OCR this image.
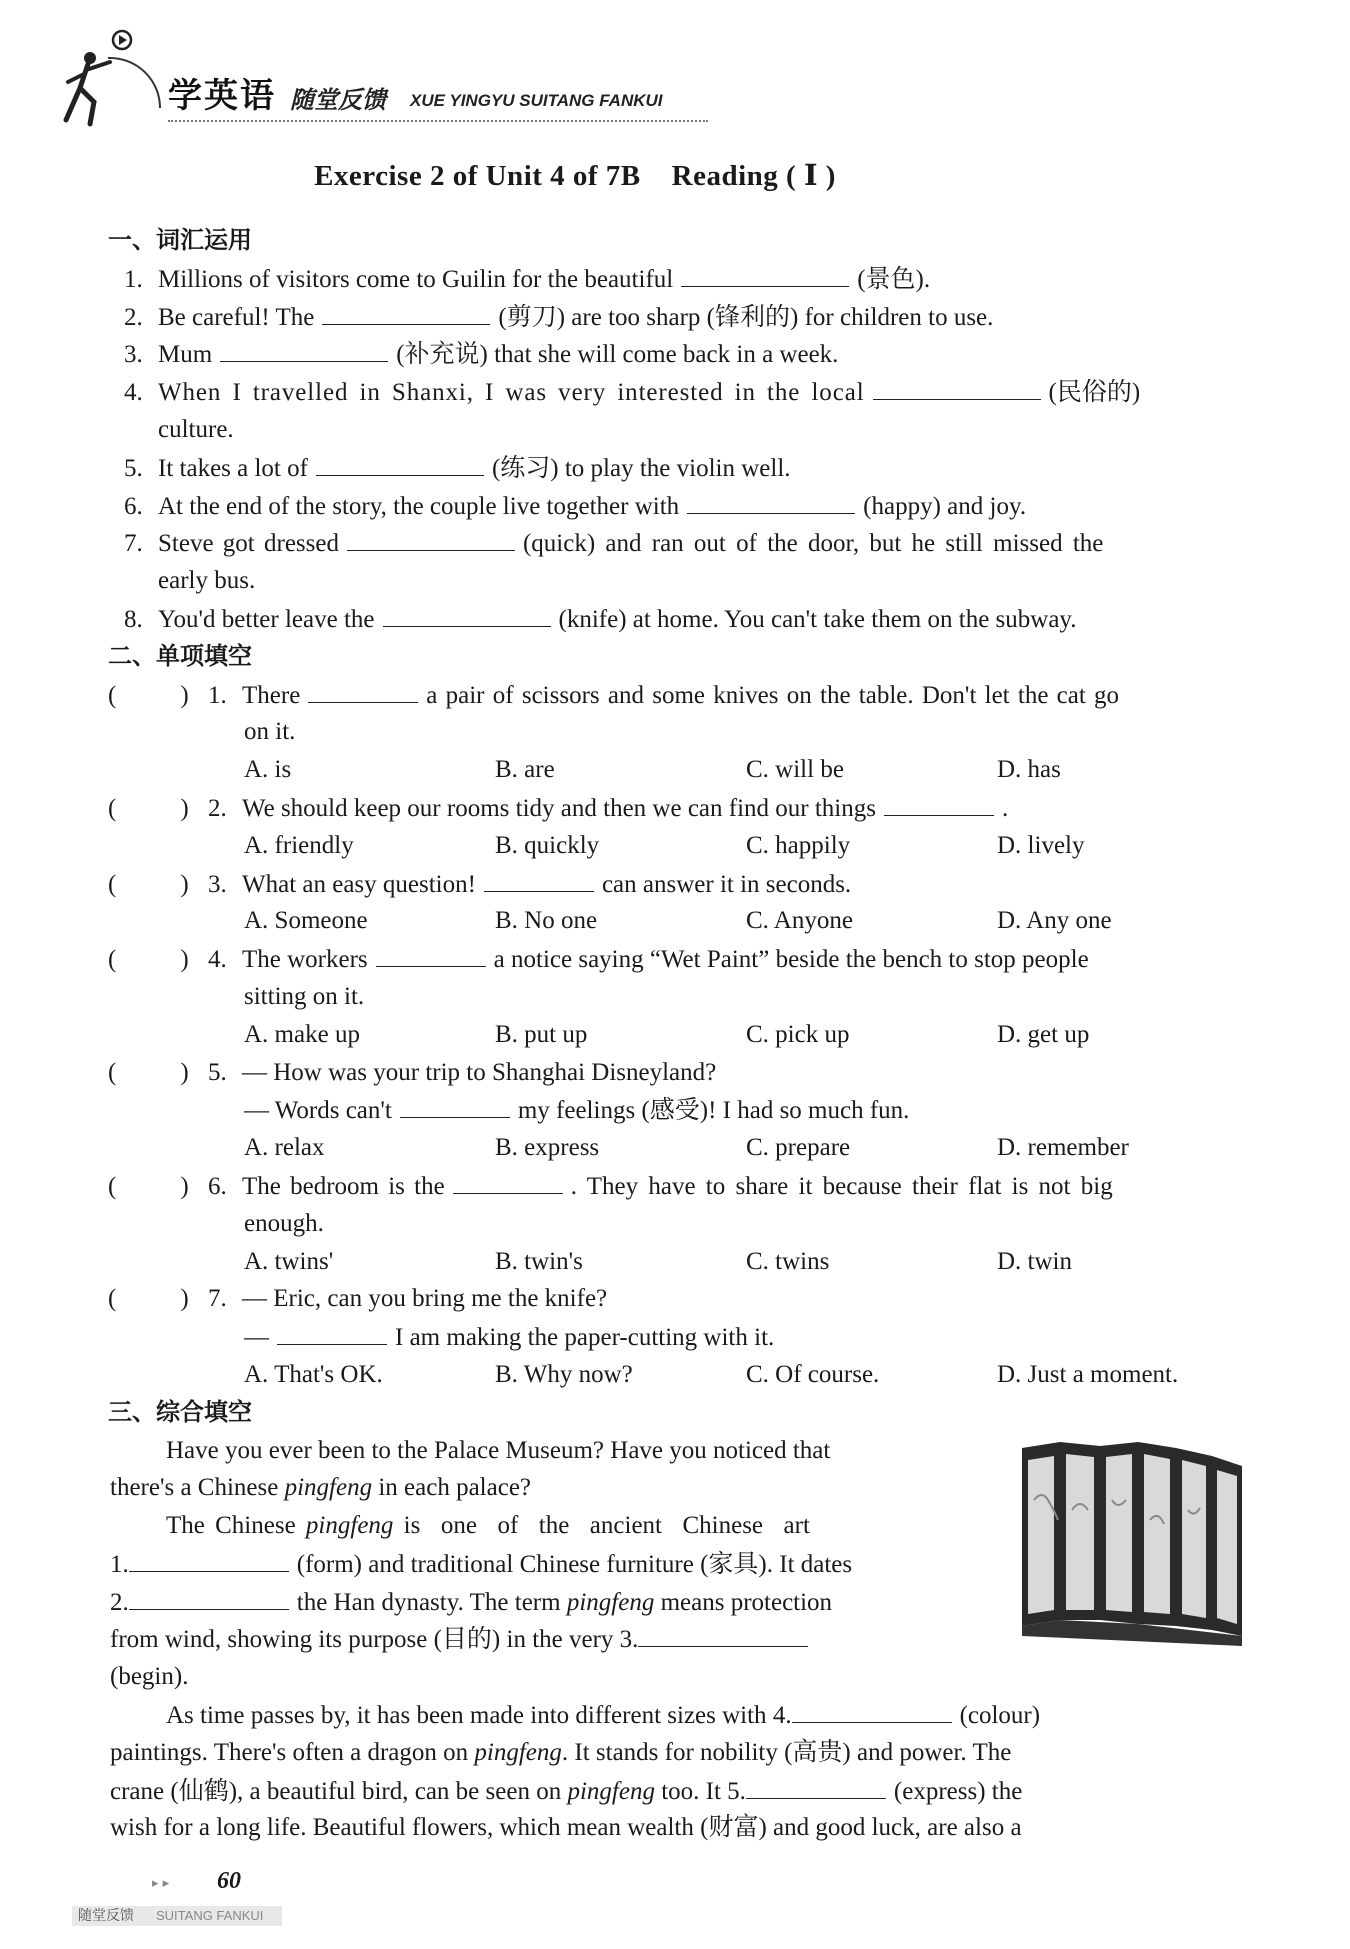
学英语 随堂反馈 XUE YINGYU SUITANG FANKUI
Exercise 2 of Unit 4 of 7B    Reading ( Ⅰ )
一、词汇运用
1. Millions of visitors come to Guilin for the beautiful	(景色).
2. Be careful! The	(剪刀) are too sharp (锋利的) for children to use.
3. Mum	(补充说) that she will come back in a week.
4. When I travelled in Shanxi, I was very interested in the local	(民俗的)
culture.
5. It takes a lot of	(练习) to play the violin well.
6. At the end of the story, the couple live together with	(happy) and joy.
7. Steve got dressed	(quick) and ran out of the door, but he still missed the
early bus.
8. You'd better leave the	(knife) at home. You can't take them on the subway.
二、单项填空
(	) 1. There	a pair of scissors and some knives on the table. Don't let the cat go
on it.
A. is	B. are	C. will be	D. has
(	) 2. We should keep our rooms tidy and then we can find our things	.
A. friendly	B. quickly	C. happily	D. lively
(	) 3. What an easy question!	can answer it in seconds.
A. Someone	B. No one	C. Anyone	D. Any one
(	) 4. The workers	a notice saying “Wet Paint” beside the bench to stop people
sitting on it.
A. make up	B. put up	C. pick up	D. get up
(	) 5. — How was your trip to Shanghai Disneyland?
— Words can't	my feelings (感受)! I had so much fun.
A. relax	B. express	C. prepare	D. remember
(	) 6. The bedroom is the	. They have to share it because their flat is not big
enough.
A. twins'	B. twin's	C. twins	D. twin
(	) 7. — Eric, can you bring me the knife?
—	I am making the paper-cutting with it.
A. That's OK.	B. Why now?	C. Of course.	D. Just a moment.
三、综合填空
Have you ever been to the Palace Museum? Have you noticed that
there's a Chinese pingfeng in each palace?
The Chinese pingfeng is  one  of  the  ancient  Chinese  art
1.	(form) and traditional Chinese furniture (家具). It dates
2.	the Han dynasty. The term pingfeng means protection
from wind, showing its purpose (目的) in the very 3.
(begin).
As time passes by, it has been made into different sizes with 4.	(colour)
paintings. There's often a dragon on pingfeng. It stands for nobility (高贵) and power. The
crane (仙鹤), a beautiful bird, can be seen on pingfeng too. It 5.	(express) the
wish for a long life. Beautiful flowers, which mean wealth (财富) and good luck, are also a
▸ ▸ 60
随堂反馈 SUITANG FANKUI
